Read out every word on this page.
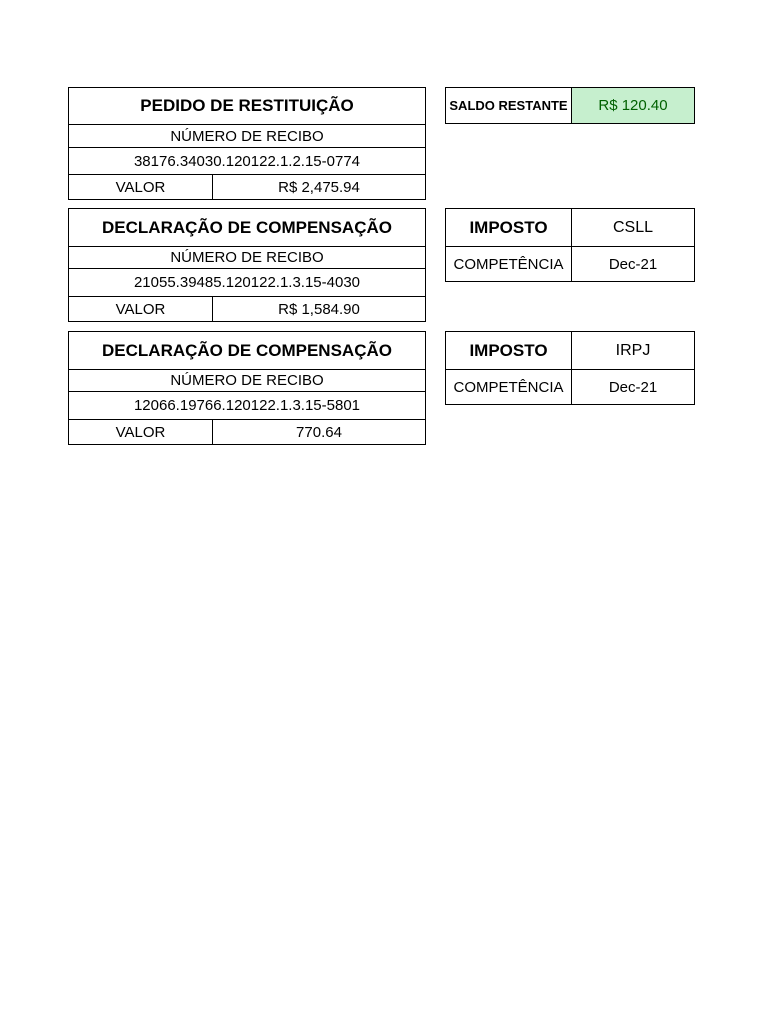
PEDIDO DE RESTITUIÇÃO
NÚMERO DE RECIBO
38176.34030.120122.1.2.15-0774
VALOR	R$ 2,475.94
SALDO RESTANTE	R$ 120.40
DECLARAÇÃO DE COMPENSAÇÃO
NÚMERO DE RECIBO
21055.39485.120122.1.3.15-4030
VALOR	R$ 1,584.90
IMPOSTO	CSLL
COMPETÊNCIA	Dec-21
DECLARAÇÃO DE COMPENSAÇÃO
NÚMERO DE RECIBO
12066.19766.120122.1.3.15-5801
VALOR	770.64
IMPOSTO	IRPJ
COMPETÊNCIA	Dec-21
